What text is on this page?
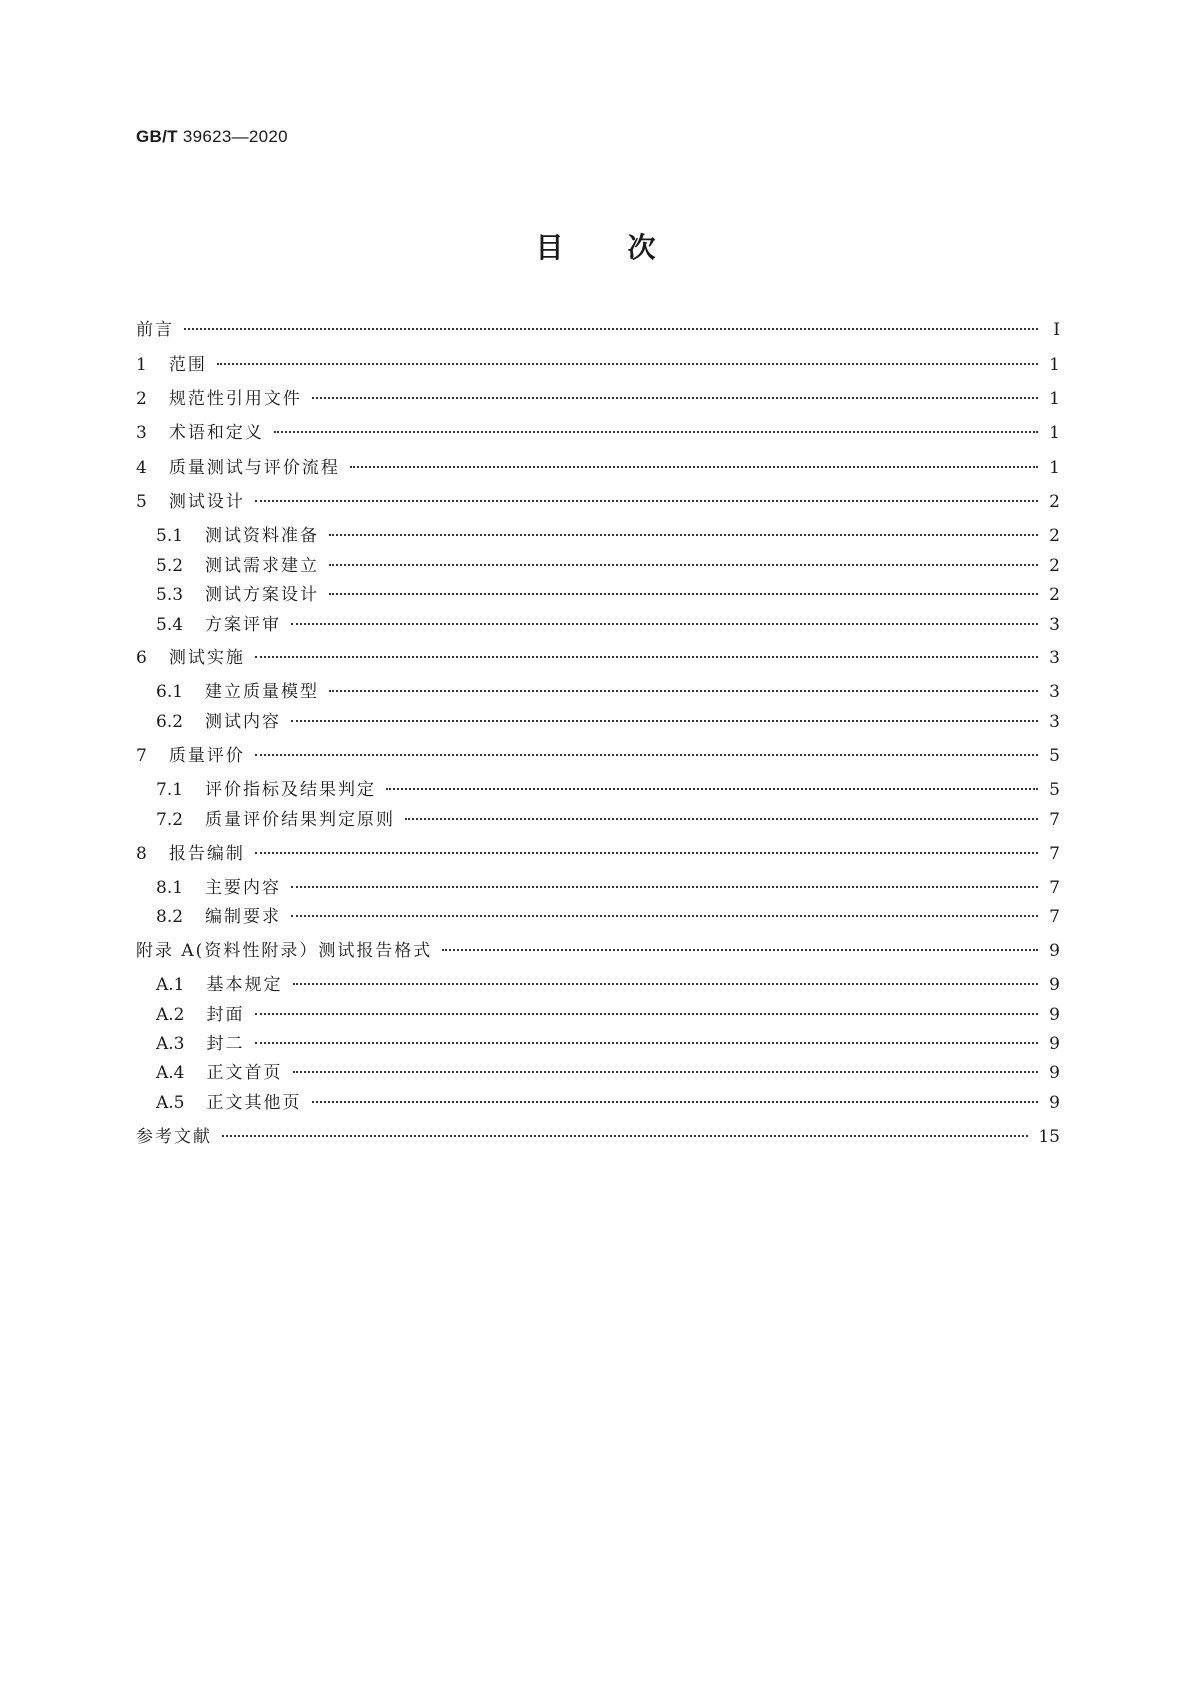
GB/T 39623—2020
目次
前言	I
1 范围	1
2 规范性引用文件	1
3 术语和定义	1
4 质量测试与评价流程	1
5 测试设计	2
5.1 测试资料准备	2
5.2 测试需求建立	2
5.3 测试方案设计	2
5.4 方案评审	3
6 测试实施	3
6.1 建立质量模型	3
6.2 测试内容	3
7 质量评价	5
7.1 评价指标及结果判定	5
7.2 质量评价结果判定原则	7
8 报告编制	7
8.1 主要内容	7
8.2 编制要求	7
附录 A(资料性附录）测试报告格式	9
A.1 基本规定	9
A.2 封面	9
A.3 封二	9
A.4 正文首页	9
A.5 正文其他页	9
参考文献	15
